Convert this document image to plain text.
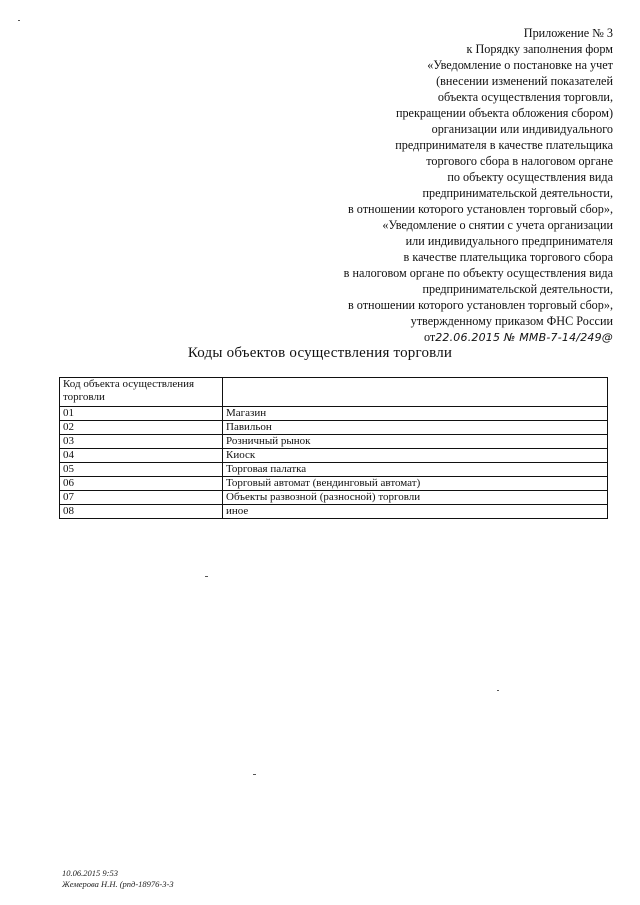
Приложение № 3
к Порядку заполнения форм
«Уведомление о постановке на учет
(внесении изменений показателей
объекта осуществления торговли,
прекращении объекта обложения сбором)
организации или индивидуального
предпринимателя в качестве плательщика
торгового сбора в налоговом органе
по объекту осуществления вида
предпринимательской деятельности,
в отношении которого установлен торговый сбор»,
«Уведомление о снятии с учета организации
или индивидуального предпринимателя
в качестве плательщика торгового сбора
в налоговом органе по объекту осуществления вида
предпринимательской деятельности,
в отношении которого установлен торговый сбор»,
утвержденному приказом ФНС России
от22.06.2015 № ММВ-7-14/249@
Коды объектов осуществления торговли
Код объекта осуществления торговли	
01	Магазин
02	Павильон
03	Розничный рынок
04	Киоск
05	Торговая палатка
06	Торговый автомат (вендинговый автомат)
07	Объекты развозной (разносной) торговли
08	иное
10.06.2015 9:53
Жемерова Н.Н. (рпд-18976-3-3
